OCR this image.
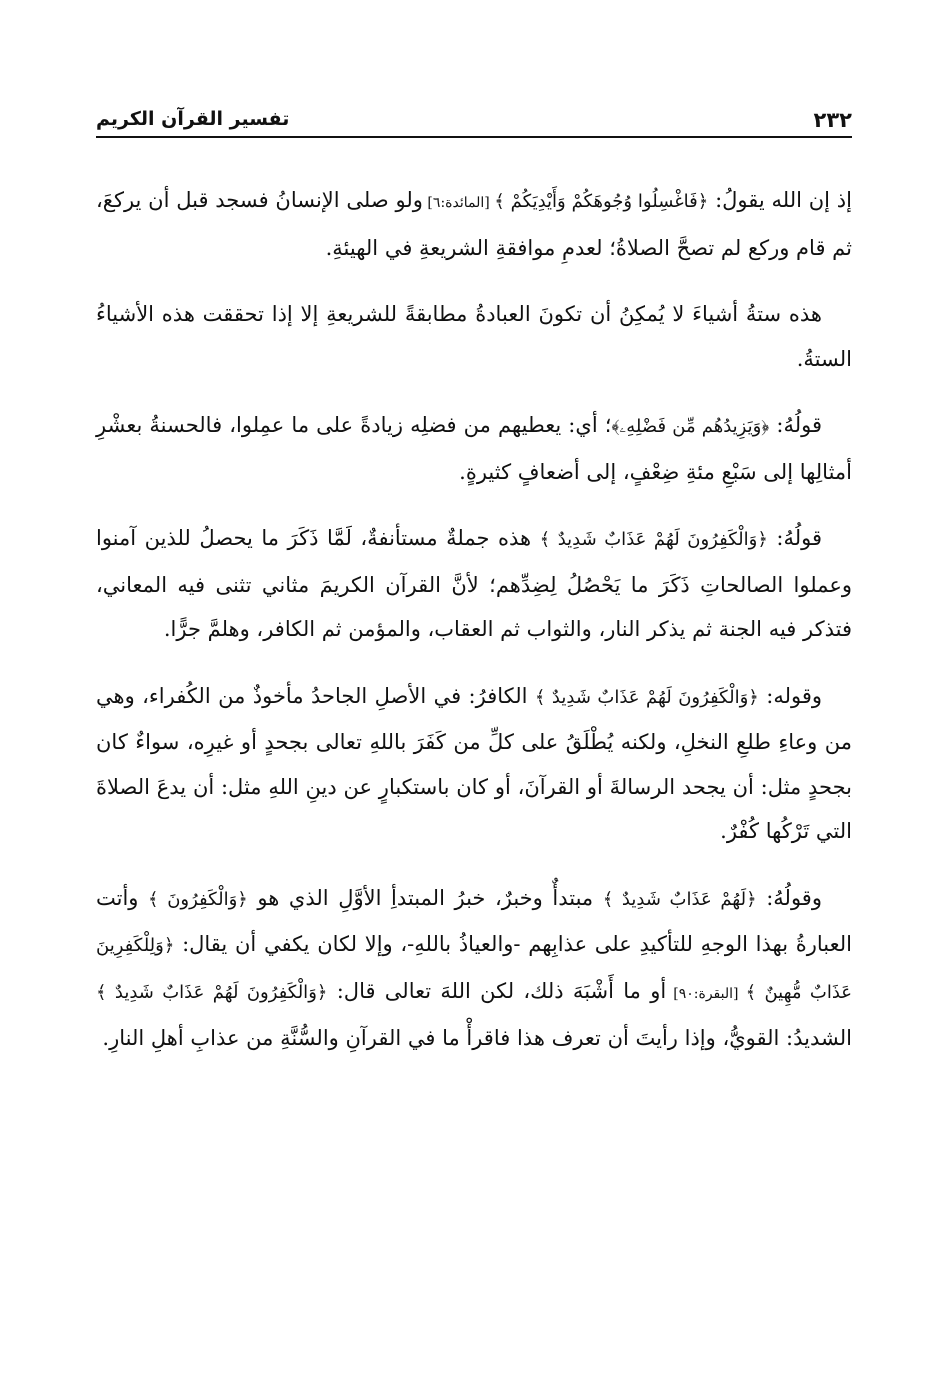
٢٣٢
تفسير القرآن الكريم

إذ إن الله يقولُ: ﴿فَاغْسِلُوا وُجُوهَكُمْ وَأَيْدِيَكُمْ ﴾ [المائدة:٦] ولو صلى الإنسانُ فسجد قبل أن يركعَ، ثم قام وركع لم تصحَّ الصلاةُ؛ لعدمِ موافقةِ الشريعةِ في الهيئةِ.

هذه ستةُ أشياءَ لا يُمكِنُ أن تكونَ العبادةُ مطابقةً للشريعةِ إلا إذا تحققت هذه الأشياءُ الستةُ.

قولُهُ: ﴿وَيَزِيدُهُم مِّن فَضْلِهِۦ﴾؛ أي: يعطيهم من فضلِه زيادةً على ما عمِلوا، فالحسنةُ بعشْرِ أمثالِها إلى سَبْعِ مئةِ ضِعْفٍ، إلى أضعافٍ كثيرةٍ.

قولُهُ: ﴿وَالْكَفِرُونَ لَهُمْ عَذَابٌ شَدِيدٌ ﴾ هذه جملةٌ مستأنفةٌ، لَمَّا ذَكَرَ ما يحصلُ للذين آمنوا وعملوا الصالحاتِ ذَكَرَ ما يَحْصُلُ لِضِدِّهم؛ لأنَّ القرآن الكريمَ مثاني تثنى فيه المعاني، فتذكر فيه الجنة ثم يذكر النار، والثواب ثم العقاب، والمؤمن ثم الكافر، وهلمَّ جرًّا.

وقوله: ﴿وَالْكَفِرُونَ لَهُمْ عَذَابٌ شَدِيدٌ ﴾ الكافرُ: في الأصلِ الجاحدُ مأخوذٌ من الكُفراء، وهي من وعاءِ طلعِ النخلِ، ولكنه يُطْلَقُ على كلِّ من كَفَرَ باللهِ تعالى بجحدٍ أو غيرِه، سواءٌ كان بجحدٍ مثل: أن يجحد الرسالةَ أو القرآنَ، أو كان باستكبارٍ عن دينِ اللهِ مثل: أن يدعَ الصلاةَ التي تَرْكُها كُفْرٌ.

وقولُهُ: ﴿لَهُمْ عَذَابٌ شَدِيدٌ ﴾ مبتدأٌ وخبرٌ، خبرُ المبتدأِ الأوَّلِ الذي هو ﴿وَالْكَفِرُونَ ﴾ وأتت العبارةُ بهذا الوجهِ للتأكيدِ على عذابِهم -والعياذُ باللهِ-، وإلا لكان يكفي أن يقال: ﴿وَلِلْكَفِرِينَ عَذَابٌ مُّهِينٌ ﴾ [البقرة:٩٠] أو ما أَشْبَهَ ذلك، لكن اللهَ تعالى قال: ﴿وَالْكَفِرُونَ لَهُمْ عَذَابٌ شَدِيدٌ ﴾ الشديدُ: القويُّ، وإذا رأيتَ أن تعرف هذا فاقرأْ ما في القرآنِ والسُّنَّةِ من عذابِ أهلِ النارِ.
